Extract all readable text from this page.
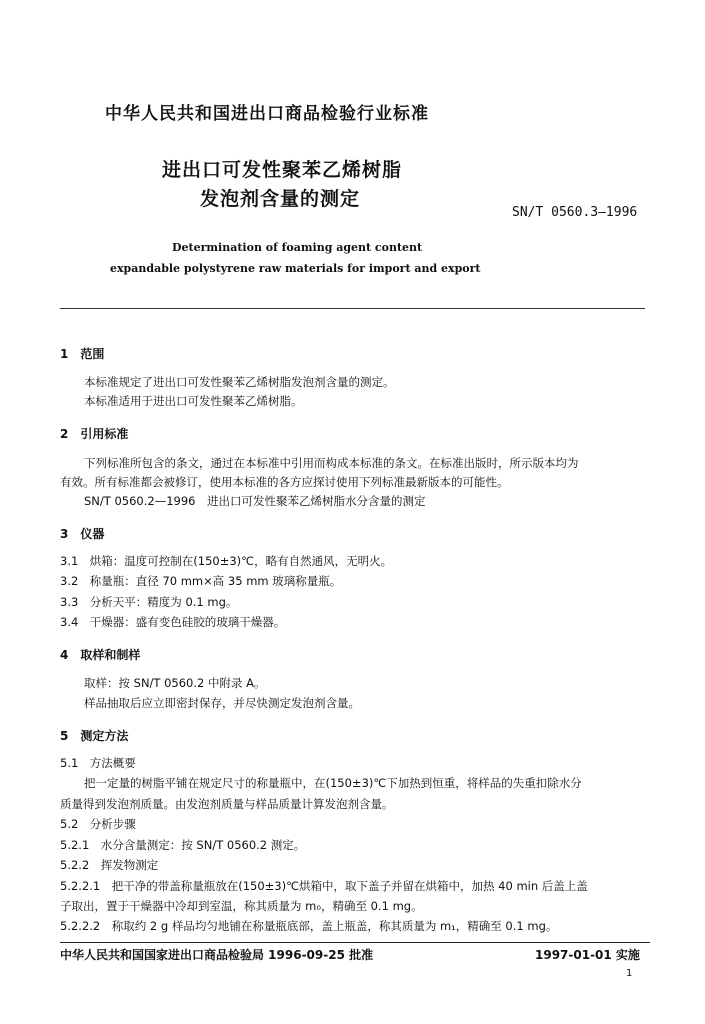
中华人民共和国进出口商品检验行业标准
进出口可发性聚苯乙烯树脂
发泡剂含量的测定
SN/T 0560.3—1996
Determination of foaming agent content
expandable polystyrene raw materials for import and export
1　范围
本标准规定了进出口可发性聚苯乙烯树脂发泡剂含量的测定。
本标准适用于进出口可发性聚苯乙烯树脂。
2　引用标准
下列标准所包含的条文，通过在本标准中引用而构成本标准的条文。在标准出版时，所示版本均为
有效。所有标准都会被修订，使用本标准的各方应探讨使用下列标准最新版本的可能性。
SN/T 0560.2—1996　进出口可发性聚苯乙烯树脂水分含量的测定
3　仪器
3.1　烘箱：温度可控制在(150±3)℃，略有自然通风，无明火。
3.2　称量瓶：直径 70 mm×高 35 mm 玻璃称量瓶。
3.3　分析天平：精度为 0.1 mg。
3.4　干燥器：盛有变色硅胶的玻璃干燥器。
4　取样和制样
取样：按 SN/T 0560.2 中附录 A。
样品抽取后应立即密封保存，并尽快测定发泡剂含量。
5　测定方法
5.1　方法概要
把一定量的树脂平铺在规定尺寸的称量瓶中，在(150±3)℃下加热到恒重，将样品的失重扣除水分
质量得到发泡剂质量。由发泡剂质量与样品质量计算发泡剂含量。
5.2　分析步骤
5.2.1　水分含量测定：按 SN/T 0560.2 测定。
5.2.2　挥发物测定
5.2.2.1　把干净的带盖称量瓶放在(150±3)℃烘箱中，取下盖子并留在烘箱中，加热 40 min 后盖上盖
子取出，置于干燥器中冷却到室温，称其质量为 m₀，精确至 0.1 mg。
5.2.2.2　称取约 2 g 样品均匀地铺在称量瓶底部，盖上瓶盖，称其质量为 m₁，精确至 0.1 mg。
中华人民共和国国家进出口商品检验局 1996-09-25 批准	1997-01-01 实施
1
